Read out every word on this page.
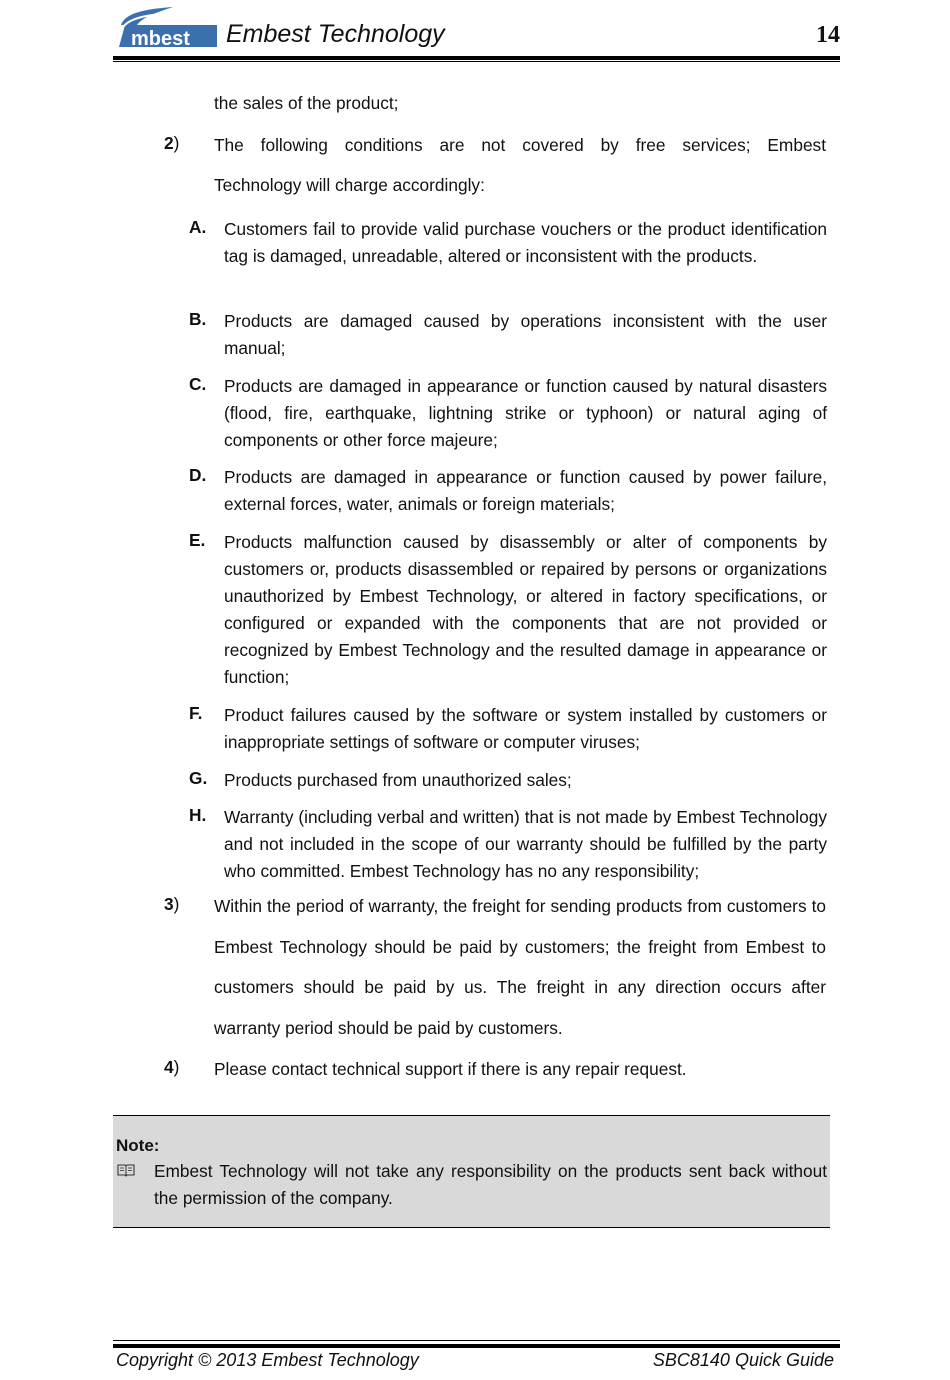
mbest Embest Technology	14
the sales of the product;
2) The following conditions are not covered by free services; Embest
Technology will charge accordingly:
A. Customers fail to provide valid purchase vouchers or the product identification tag is damaged, unreadable, altered or inconsistent with the products.
B. Products are damaged caused by operations inconsistent with the user manual;
C. Products are damaged in appearance or function caused by natural disasters (flood, fire, earthquake, lightning strike or typhoon) or natural aging of components or other force majeure;
D. Products are damaged in appearance or function caused by power failure, external forces, water, animals or foreign materials;
E. Products malfunction caused by disassembly or alter of components by customers or, products disassembled or repaired by persons or organizations unauthorized by Embest Technology, or altered in factory specifications, or configured or expanded with the components that are not provided or recognized by Embest Technology and the resulted damage in appearance or function;
F. Product failures caused by the software or system installed by customers or inappropriate settings of software or computer viruses;
G. Products purchased from unauthorized sales;
H. Warranty (including verbal and written) that is not made by Embest Technology and not included in the scope of our warranty should be fulfilled by the party who committed. Embest Technology has no any responsibility;
3) Within the period of warranty, the freight for sending products from customers to Embest Technology should be paid by customers; the freight from Embest to customers should be paid by us. The freight in any direction occurs after warranty period should be paid by customers.
4) Please contact technical support if there is any repair request.
Note:
Embest Technology will not take any responsibility on the products sent back without the permission of the company.
Copyright © 2013 Embest Technology	SBC8140 Quick Guide
